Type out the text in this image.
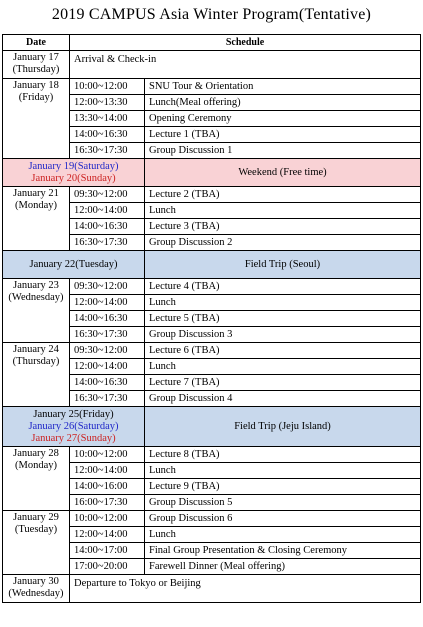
2019 CAMPUS Asia Winter Program(Tentative)
Date	Schedule	
January 17
(Thursday)	Arrival & Check-in	
January 18
(Friday)	10:00~12:00	SNU Tour & Orientation
	12:00~13:30	Lunch(Meal offering)
	13:30~14:00	Opening Ceremony
	14:00~16:30	Lecture 1 (TBA)
	16:30~17:30	Group Discussion 1
January 19(Saturday)
January 20(Sunday)		Weekend (Free time)
January 21
(Monday)	09:30~12:00	Lecture 2 (TBA)
	12:00~14:00	Lunch
	14:00~16:30	Lecture 3 (TBA)
	16:30~17:30	Group Discussion 2
January 22(Tuesday)		Field Trip (Seoul)
January 23
(Wednesday)	09:30~12:00	Lecture 4 (TBA)
	12:00~14:00	Lunch
	14:00~16:30	Lecture 5 (TBA)
	16:30~17:30	Group Discussion 3
January 24
(Thursday)	09:30~12:00	Lecture 6 (TBA)
	12:00~14:00	Lunch
	14:00~16:30	Lecture 7 (TBA)
	16:30~17:30	Group Discussion 4
January 25(Friday)
January 26(Saturday)
January 27(Sunday)		Field Trip (Jeju Island)
January 28
(Monday)	10:00~12:00	Lecture 8 (TBA)
	12:00~14:00	Lunch
	14:00~16:00	Lecture 9 (TBA)
	16:00~17:30	Group Discussion 5
January 29
(Tuesday)	10:00~12:00	Group Discussion 6
	12:00~14:00	Lunch
	14:00~17:00	Final Group Presentation & Closing Ceremony
	17:00~20:00	Farewell Dinner (Meal offering)
January 30
(Wednesday)	Departure to Tokyo or Beijing	
